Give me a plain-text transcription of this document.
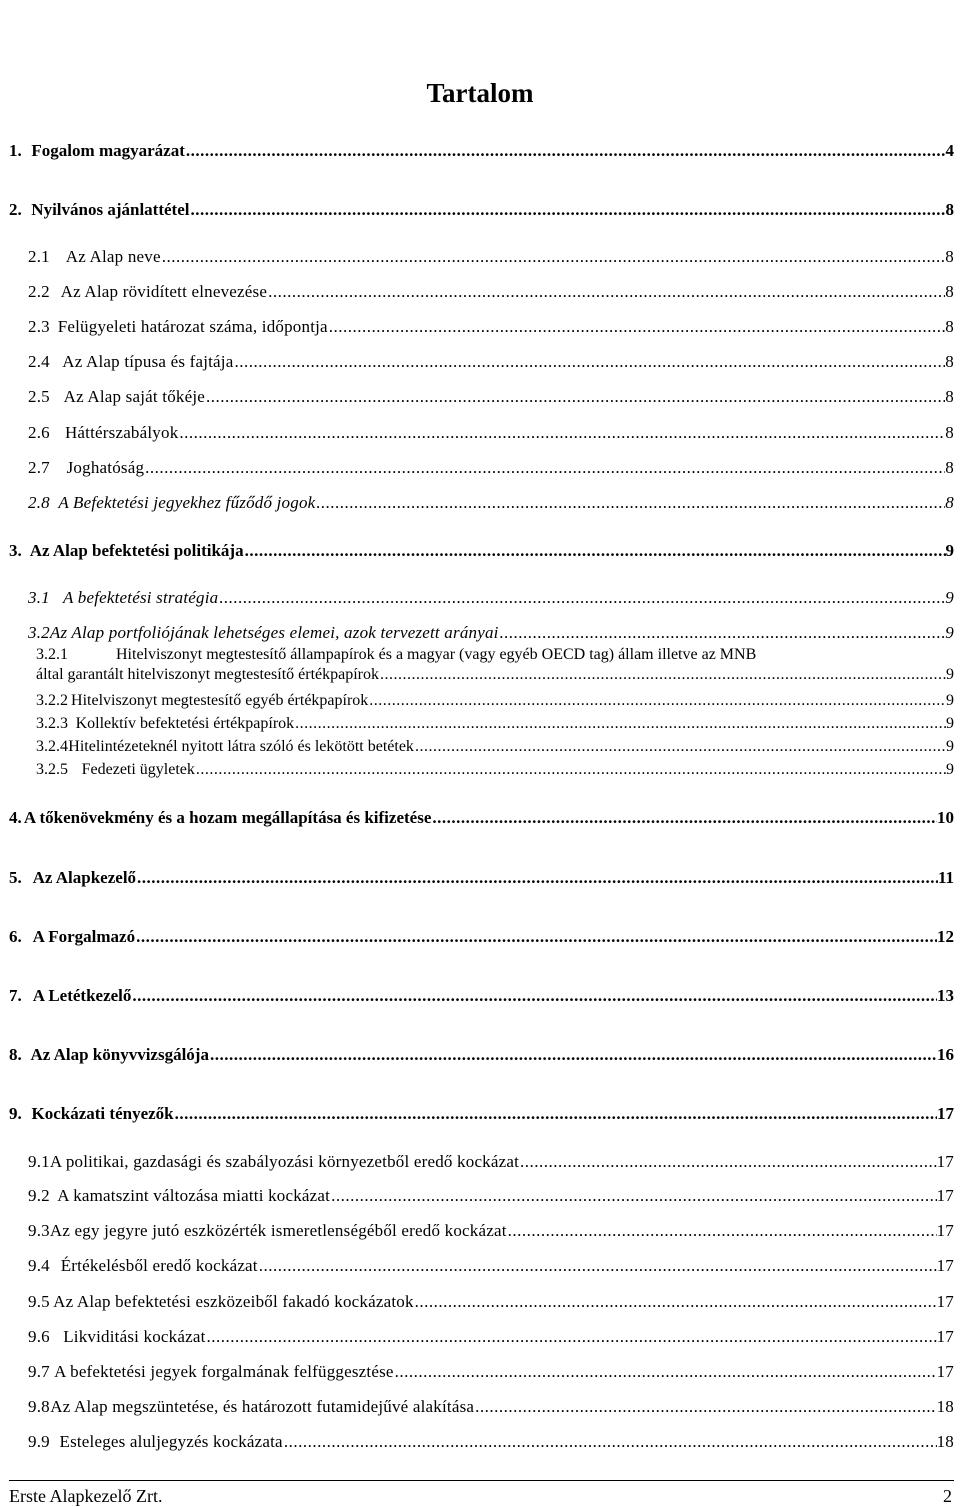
Tartalom
1. Fogalom magyarázat .....	4
2. Nyilvános ajánlattétel .....	8
2.1 Az Alap neve .....	8
2.2 Az Alap rövidített elnevezése .....	8
2.3 Felügyeleti határozat száma, időpontja .....	8
2.4 Az Alap típusa és fajtája .....	8
2.5 Az Alap saját tőkéje .....	8
2.6 Háttérszabályok .....	8
2.7 Joghatóság .....	8
2.8 A Befektetési jegyekhez fűződő jogok .....	8
3. Az Alap befektetési politikája .....	9
3.1 A befektetési stratégia .....	9
3.2 Az Alap portfoliójának lehetséges elemei, azok tervezett arányai .....	9
3.2.1	Hitelviszonyt megtestesítő állampapírok és a magyar (vagy egyéb OECD tag) állam illetve az MNB
által garantált hitelviszonyt megtestesítő értékpapírok .....	9
3.2.2 Hitelviszonyt megtestesítő egyéb értékpapírok .....	9
3.2.3 Kollektív befektetési értékpapírok .....	9
3.2.4 Hitelintézeteknél nyitott látra szóló és lekötött betétek .....	9
3.2.5 Fedezeti ügyletek .....	9
4. A tőkenövekmény és a hozam megállapítása és kifizetése .....	10
5. Az Alapkezelő .....	11
6. A Forgalmazó .....	12
7. A Letétkezelő .....	13
8. Az Alap könyvvizsgálója .....	16
9. Kockázati tényezők .....	17
9.1 A politikai, gazdasági és szabályozási környezetből eredő kockázat .....	17
9.2 A kamatszint változása miatti kockázat .....	17
9.3 Az egy jegyre jutó eszközérték ismeretlenségéből eredő kockázat .....	17
9.4 Értékelésből eredő kockázat .....	17
9.5 Az Alap befektetési eszközeiből fakadó kockázatok .....	17
9.6 Likviditási kockázat .....	17
9.7 A befektetési jegyek forgalmának felfüggesztése .....	17
9.8 Az Alap megszüntetése, és határozott futamidejűvé alakítása .....	18
9.9 Esteleges aluljegyzés kockázata .....	18
Erste Alapkezelő Zrt.	2
